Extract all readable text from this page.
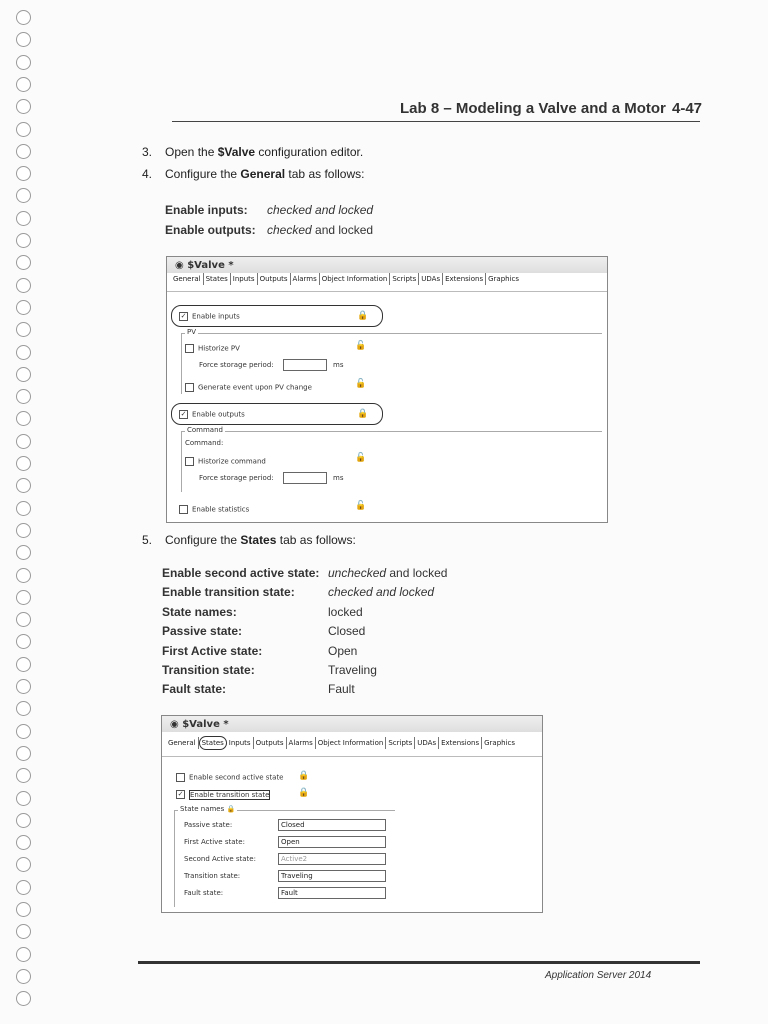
Lab 8 – Modeling a Valve and a Motor 4-47
3. Open the $Valve configuration editor.
4. Configure the General tab as follows:
Enable inputs: checked and locked
Enable outputs: checked and locked
◉ $Valve *
General States Inputs Outputs Alarms Object Information Scripts UDAs Extensions Graphics
✓ Enable inputs	🔒
PV
Historize PV	🔓
Force storage period:	ms
Generate event upon PV change	🔓
✓ Enable outputs	🔒
Command
Command:
Historize command	🔓
Force storage period:	ms
Enable statistics	🔓
5. Configure the States tab as follows:
Enable second active state: unchecked and locked
Enable transition state:	checked and locked
State names:	locked
Passive state:	Closed
First Active state:	Open
Transition state:	Traveling
Fault state:	Fault
◉ $Valve *
General States Inputs Outputs Alarms Object Information Scripts UDAs Extensions Graphics
Enable second active state 🔒
✓ Enable transition state	🔒
State names 🔒
Passive state:	Closed
First Active state:	Open
Second Active state:	Active2
Transition state:	Traveling
Fault state:	Fault
Application Server 2014
